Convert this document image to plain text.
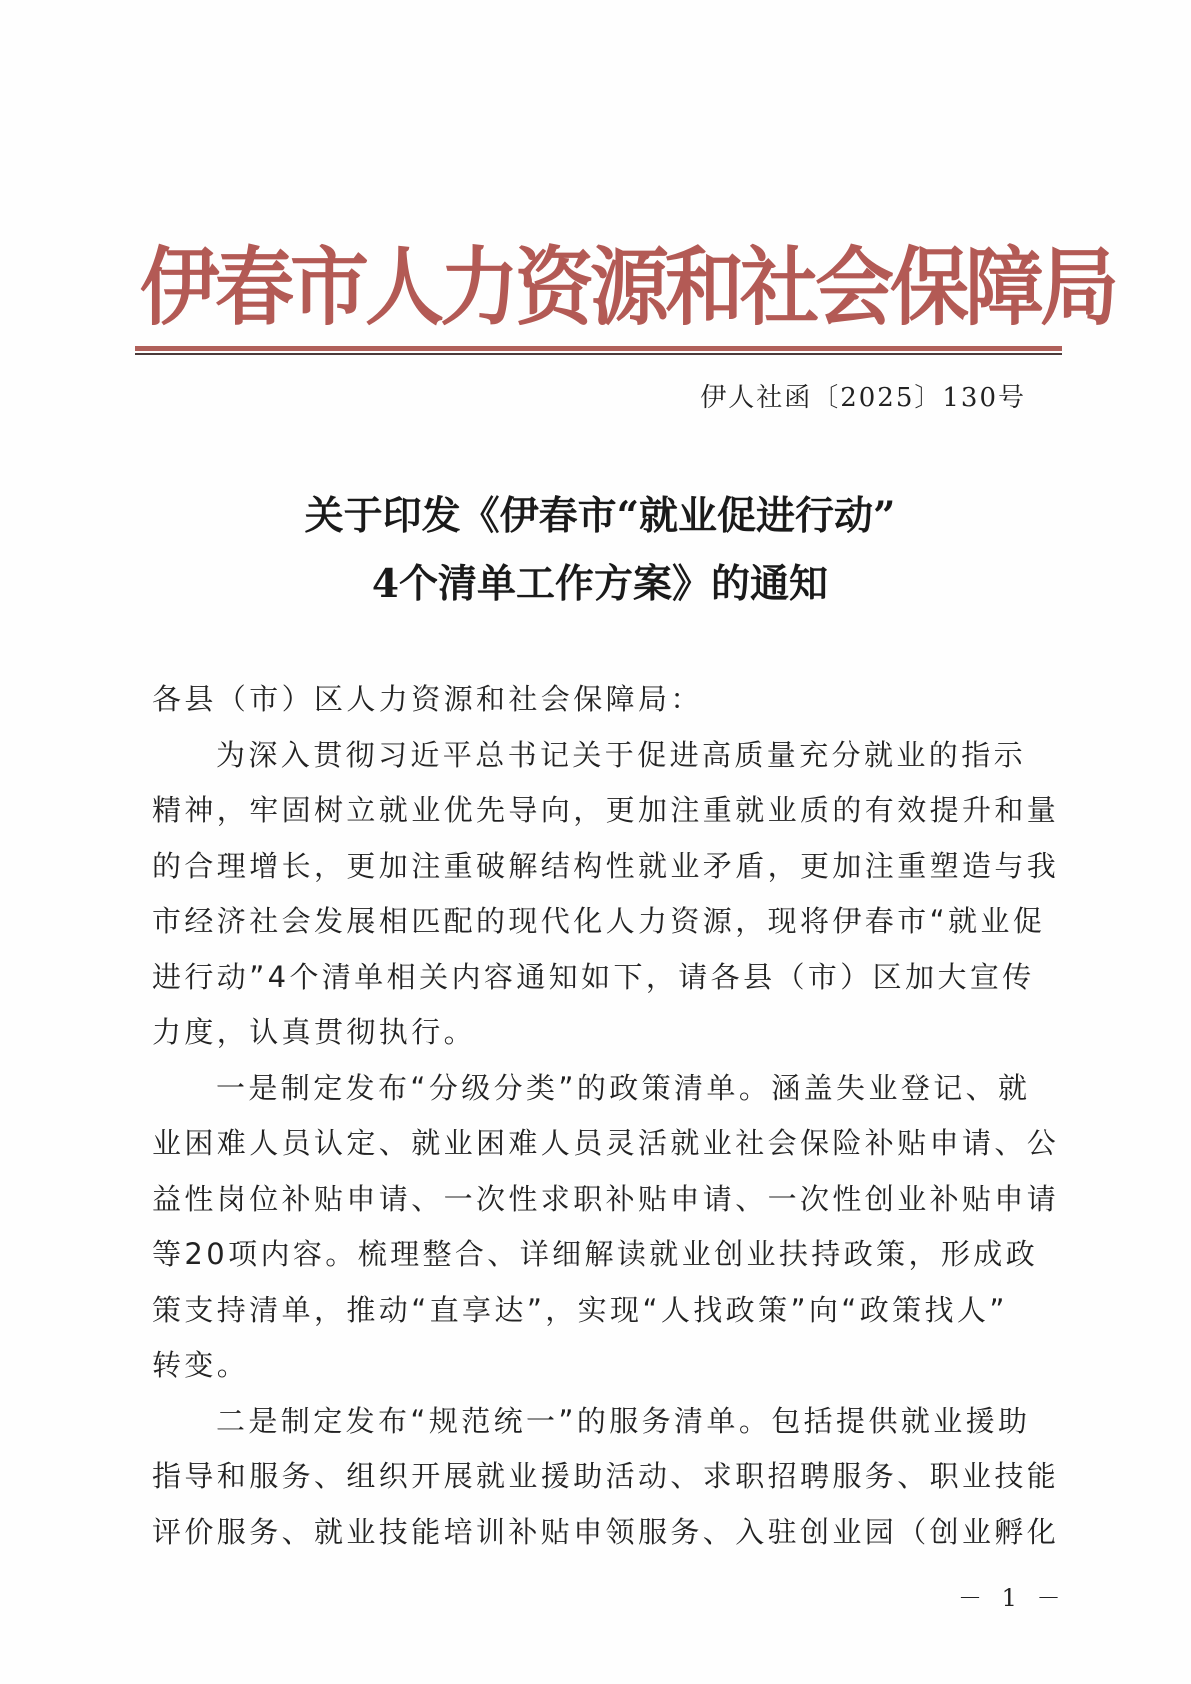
伊春市人力资源和社会保障局
伊人社函〔2025〕130号
关于印发《伊春市“就业促进行动”
4个清单工作方案》的通知
各县（市）区人力资源和社会保障局：
为深入贯彻习近平总书记关于促进高质量充分就业的指示
精神，牢固树立就业优先导向，更加注重就业质的有效提升和量
的合理增长，更加注重破解结构性就业矛盾，更加注重塑造与我
市经济社会发展相匹配的现代化人力资源，现将伊春市“就业促
进行动”4个清单相关内容通知如下，请各县（市）区加大宣传
力度，认真贯彻执行。
一是制定发布“分级分类”的政策清单。涵盖失业登记、就
业困难人员认定、就业困难人员灵活就业社会保险补贴申请、公
益性岗位补贴申请、一次性求职补贴申请、一次性创业补贴申请
等20项内容。梳理整合、详细解读就业创业扶持政策，形成政
策支持清单，推动“直享达”，实现“人找政策”向“政策找人”
转变。
二是制定发布“规范统一”的服务清单。包括提供就业援助
指导和服务、组织开展就业援助活动、求职招聘服务、职业技能
评价服务、就业技能培训补贴申领服务、入驻创业园（创业孵化
－ 1 －
